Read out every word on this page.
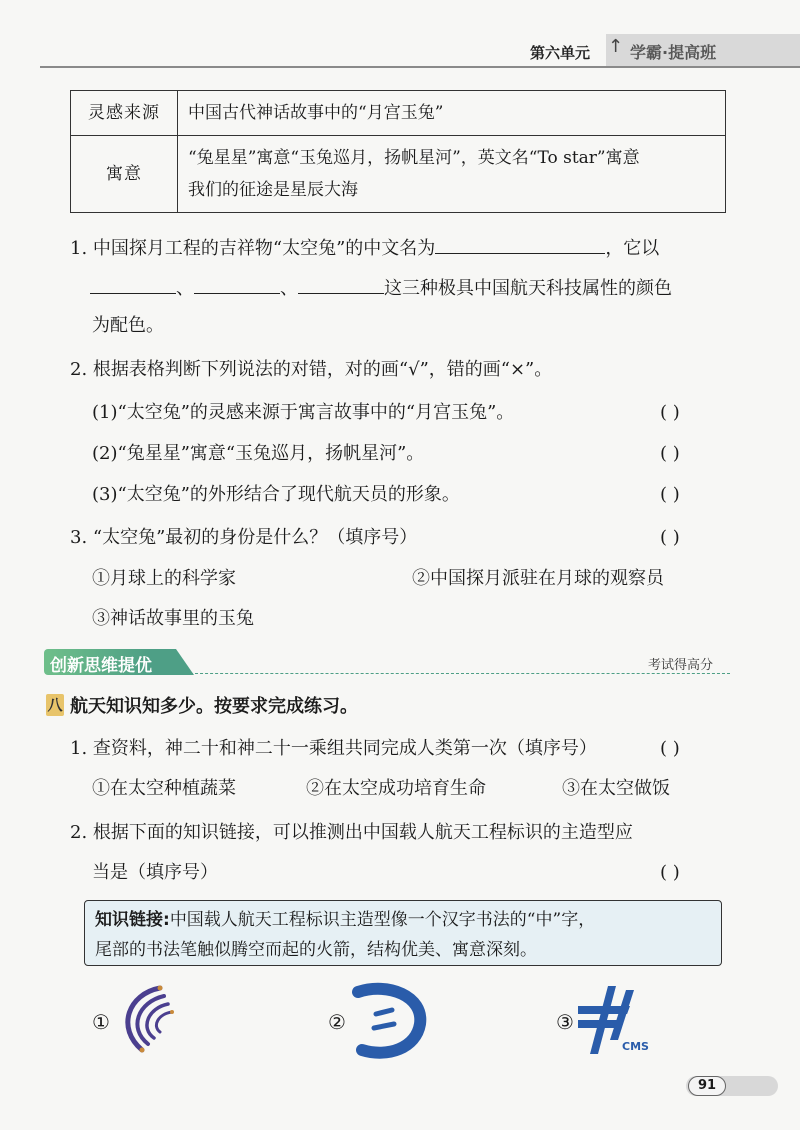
第六单元 ↑ 学霸·提高班
灵感来源	中国古代神话故事中的“月宫玉兔”
寓意	“兔星星”寓意“玉兔巡月，扬帆星河”，英文名“To star”寓意
我们的征途是星辰大海
1. 中国探月工程的吉祥物“太空兔”的中文名为	，它以
、	、	这三种极具中国航天科技属性的颜色
为配色。
2. 根据表格判断下列说法的对错，对的画“√”，错的画“×”。
(1)“太空兔”的灵感来源于寓言故事中的“月宫玉兔”。	( )
(2)“兔星星”寓意“玉兔巡月，扬帆星河”。	( )
(3)“太空兔”的外形结合了现代航天员的形象。	( )
3. “太空兔”最初的身份是什么？（填序号）	( )
①月球上的科学家	②中国探月派驻在月球的观察员
③神话故事里的玉兔
创新思维提优	考试得高分
八 航天知识知多少。按要求完成练习。
1. 查资料，神二十和神二十一乘组共同完成人类第一次（填序号）	( )
①在太空种植蔬菜	②在太空成功培育生命	③在太空做饭
2. 根据下面的知识链接，可以推测出中国载人航天工程标识的主造型应
当是（填序号）	( )
知识链接:中国载人航天工程标识主造型像一个汉字书法的“中”字，
尾部的书法笔触似腾空而起的火箭，结构优美、寓意深刻。
①	②	③
CMS
91
